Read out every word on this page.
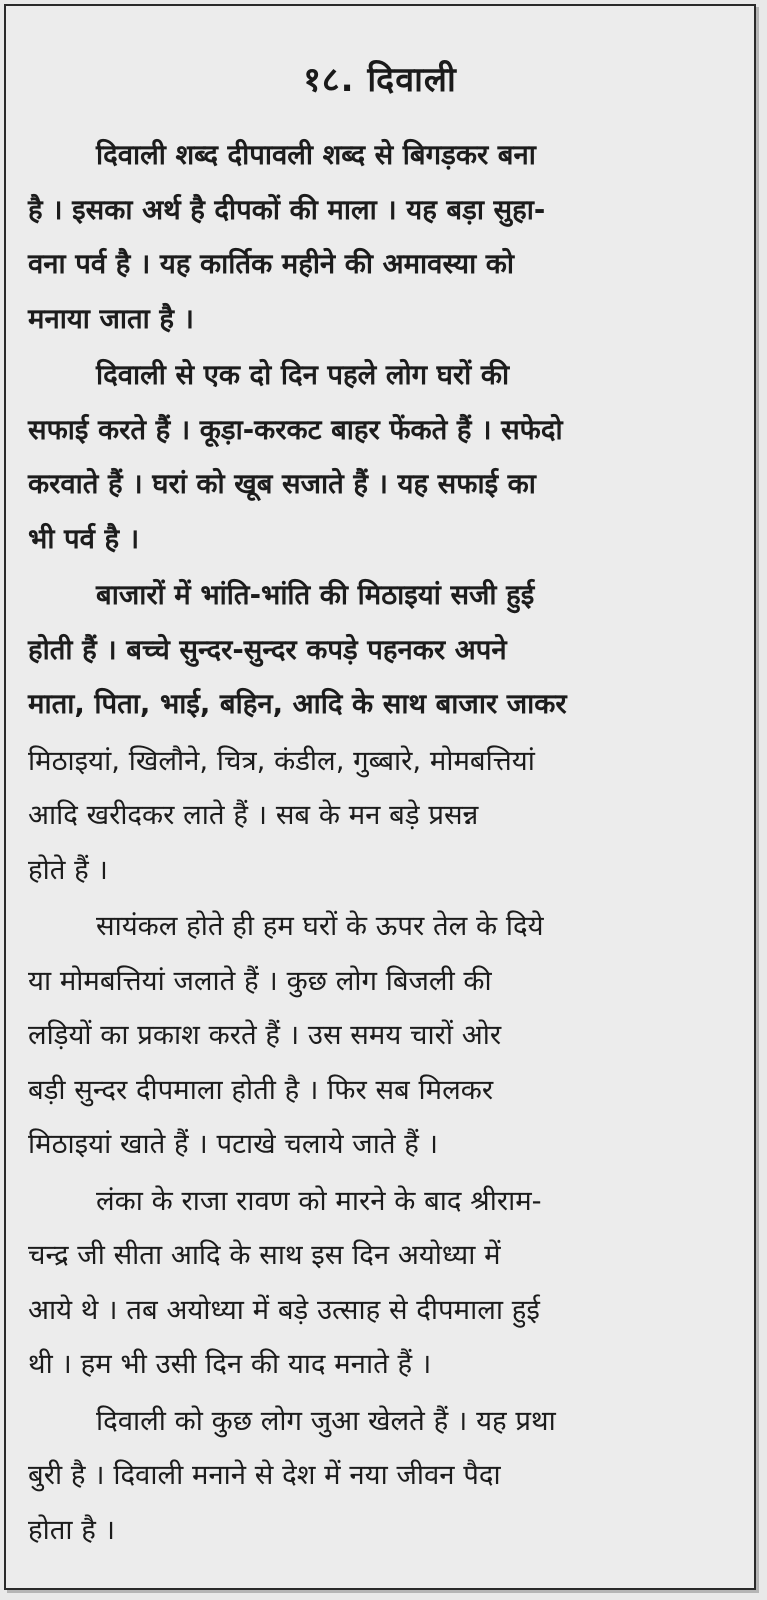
१८. दिवाली
दिवाली शब्द दीपावली शब्द से बिगड़कर बना
है । इसका अर्थ है दीपकों की माला । यह बड़ा सुहा-
वना पर्व है । यह कार्तिक महीने की अमावस्या को
मनाया जाता है ।
दिवाली से एक दो दिन पहले लोग घरों की
सफाई करते हैं । कूड़ा-करकट बाहर फेंकते हैं । सफेदो
करवाते हैं । घरां को खूब सजाते हैं । यह सफाई का
भी पर्व है ।
बाजारों में भांति-भांति की मिठाइयां सजी हुई
होती हैं । बच्चे सुन्दर-सुन्दर कपड़े पहनकर अपने
माता, पिता, भाई, बहिन, आदि के साथ बाजार जाकर
मिठाइयां, खिलौने, चित्र, कंडील, गुब्बारे, मोमबत्तियां
आदि खरीदकर लाते हैं । सब के मन बड़े प्रसन्न
होते हैं ।
सायंकल होते ही हम घरों के ऊपर तेल के दिये
या मोमबत्तियां जलाते हैं । कुछ लोग बिजली की
लड़ियों का प्रकाश करते हैं । उस समय चारों ओर
बड़ी सुन्दर दीपमाला होती है । फिर सब मिलकर
मिठाइयां खाते हैं । पटाखे चलाये जाते हैं ।
लंका के राजा रावण को मारने के बाद श्रीराम-
चन्द्र जी सीता आदि के साथ इस दिन अयोध्या में
आये थे । तब अयोध्या में बड़े उत्साह से दीपमाला हुई
थी । हम भी उसी दिन की याद मनाते हैं ।
दिवाली को कुछ लोग जुआ खेलते हैं । यह प्रथा
बुरी है । दिवाली मनाने से देश में नया जीवन पैदा
होता है ।
